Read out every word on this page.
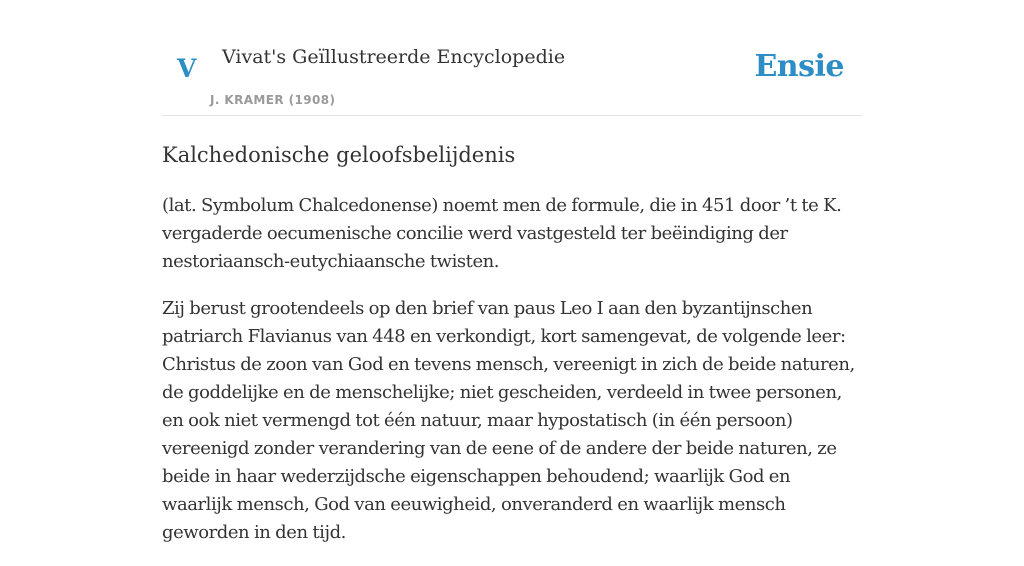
V Vivat's Geïllustreerde Encyclopedie
J. KRAMER (1908)
Ensie
Kalchedonische geloofsbelijdenis

(lat. Symbolum Chalcedonense) noemt men de formule, die in 451 door ’t te K. vergaderde oecumenische concilie werd vastgesteld ter beëindiging der nestoriaansch-eutychiaansche twisten.

Zij berust grootendeels op den brief van paus Leo I aan den byzantijnschen patriarch Flavianus van 448 en verkondigt, kort samengevat, de volgende leer: Christus de zoon van God en tevens mensch, vereenigt in zich de beide naturen, de goddelijke en de menschelijke; niet gescheiden, verdeeld in twee personen, en ook niet vermengd tot één natuur, maar hypostatisch (in één persoon) vereenigd zonder verandering van de eene of de andere der beide naturen, ze beide in haar wederzijdsche eigenschappen behoudend; waarlijk God en waarlijk mensch, God van eeuwigheid, onveranderd en waarlijk mensch geworden in den tijd.
